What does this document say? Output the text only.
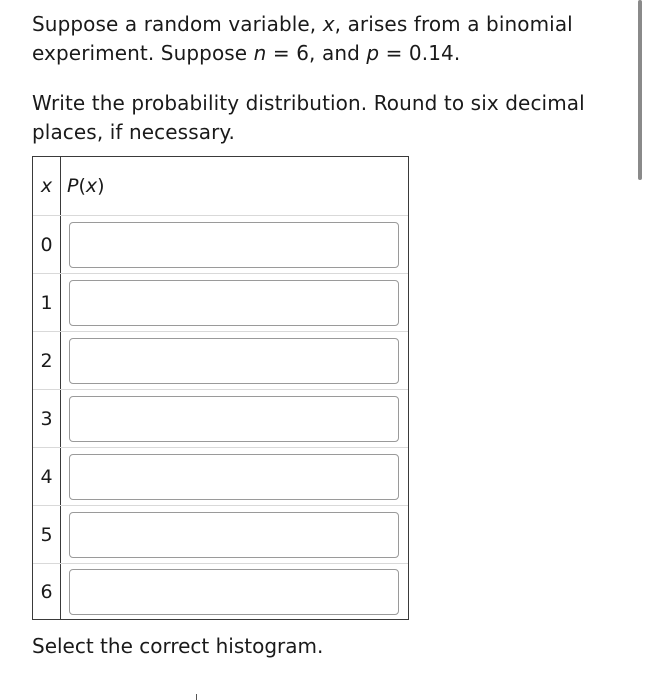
Suppose a random variable, x, arises from a binomial
experiment. Suppose n = 6, and p = 0.14.

Write the probability distribution. Round to six decimal
places, if necessary.

x P(x)
0
1
2
3
4
5
6

Select the correct histogram.
